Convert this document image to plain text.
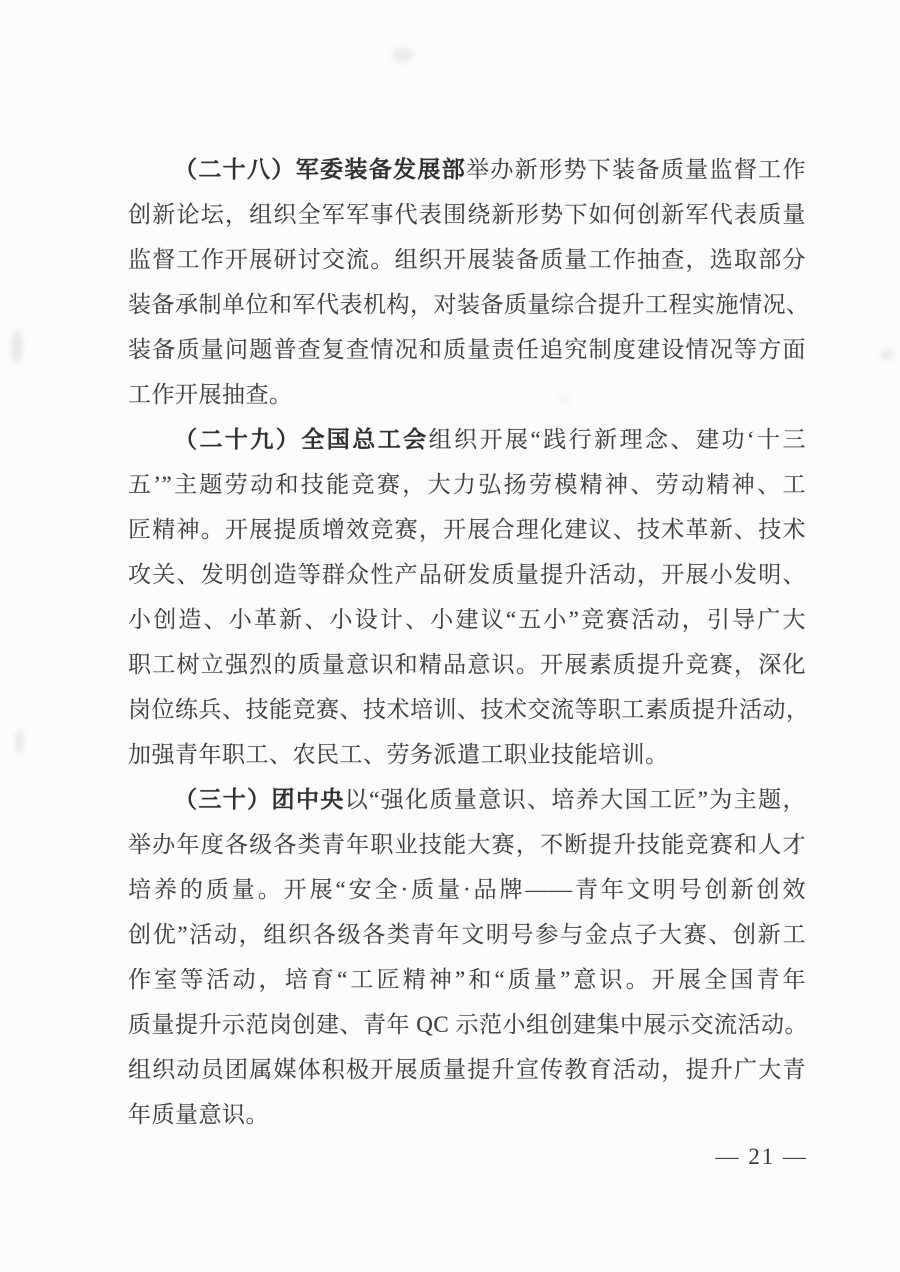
（二十八）军委装备发展部举办新形势下装备质量监督工作
创新论坛，组织全军军事代表围绕新形势下如何创新军代表质量
监督工作开展研讨交流。组织开展装备质量工作抽查，选取部分
装备承制单位和军代表机构，对装备质量综合提升工程实施情况、
装备质量问题普查复查情况和质量责任追究制度建设情况等方面
工作开展抽查。
（二十九）全国总工会组织开展“践行新理念、建功‘十三
五’”主题劳动和技能竞赛，大力弘扬劳模精神、劳动精神、工
匠精神。开展提质增效竞赛，开展合理化建议、技术革新、技术
攻关、发明创造等群众性产品研发质量提升活动，开展小发明、
小创造、小革新、小设计、小建议“五小”竞赛活动，引导广大
职工树立强烈的质量意识和精品意识。开展素质提升竞赛，深化
岗位练兵、技能竞赛、技术培训、技术交流等职工素质提升活动，
加强青年职工、农民工、劳务派遣工职业技能培训。
（三十）团中央以“强化质量意识、培养大国工匠”为主题，
举办年度各级各类青年职业技能大赛，不断提升技能竞赛和人才
培养的质量。开展“安全·质量·品牌——青年文明号创新创效
创优”活动，组织各级各类青年文明号参与金点子大赛、创新工
作室等活动，培育“工匠精神”和“质量”意识。开展全国青年
质量提升示范岗创建、青年 QC 示范小组创建集中展示交流活动。
组织动员团属媒体积极开展质量提升宣传教育活动，提升广大青
年质量意识。
— 21 —
